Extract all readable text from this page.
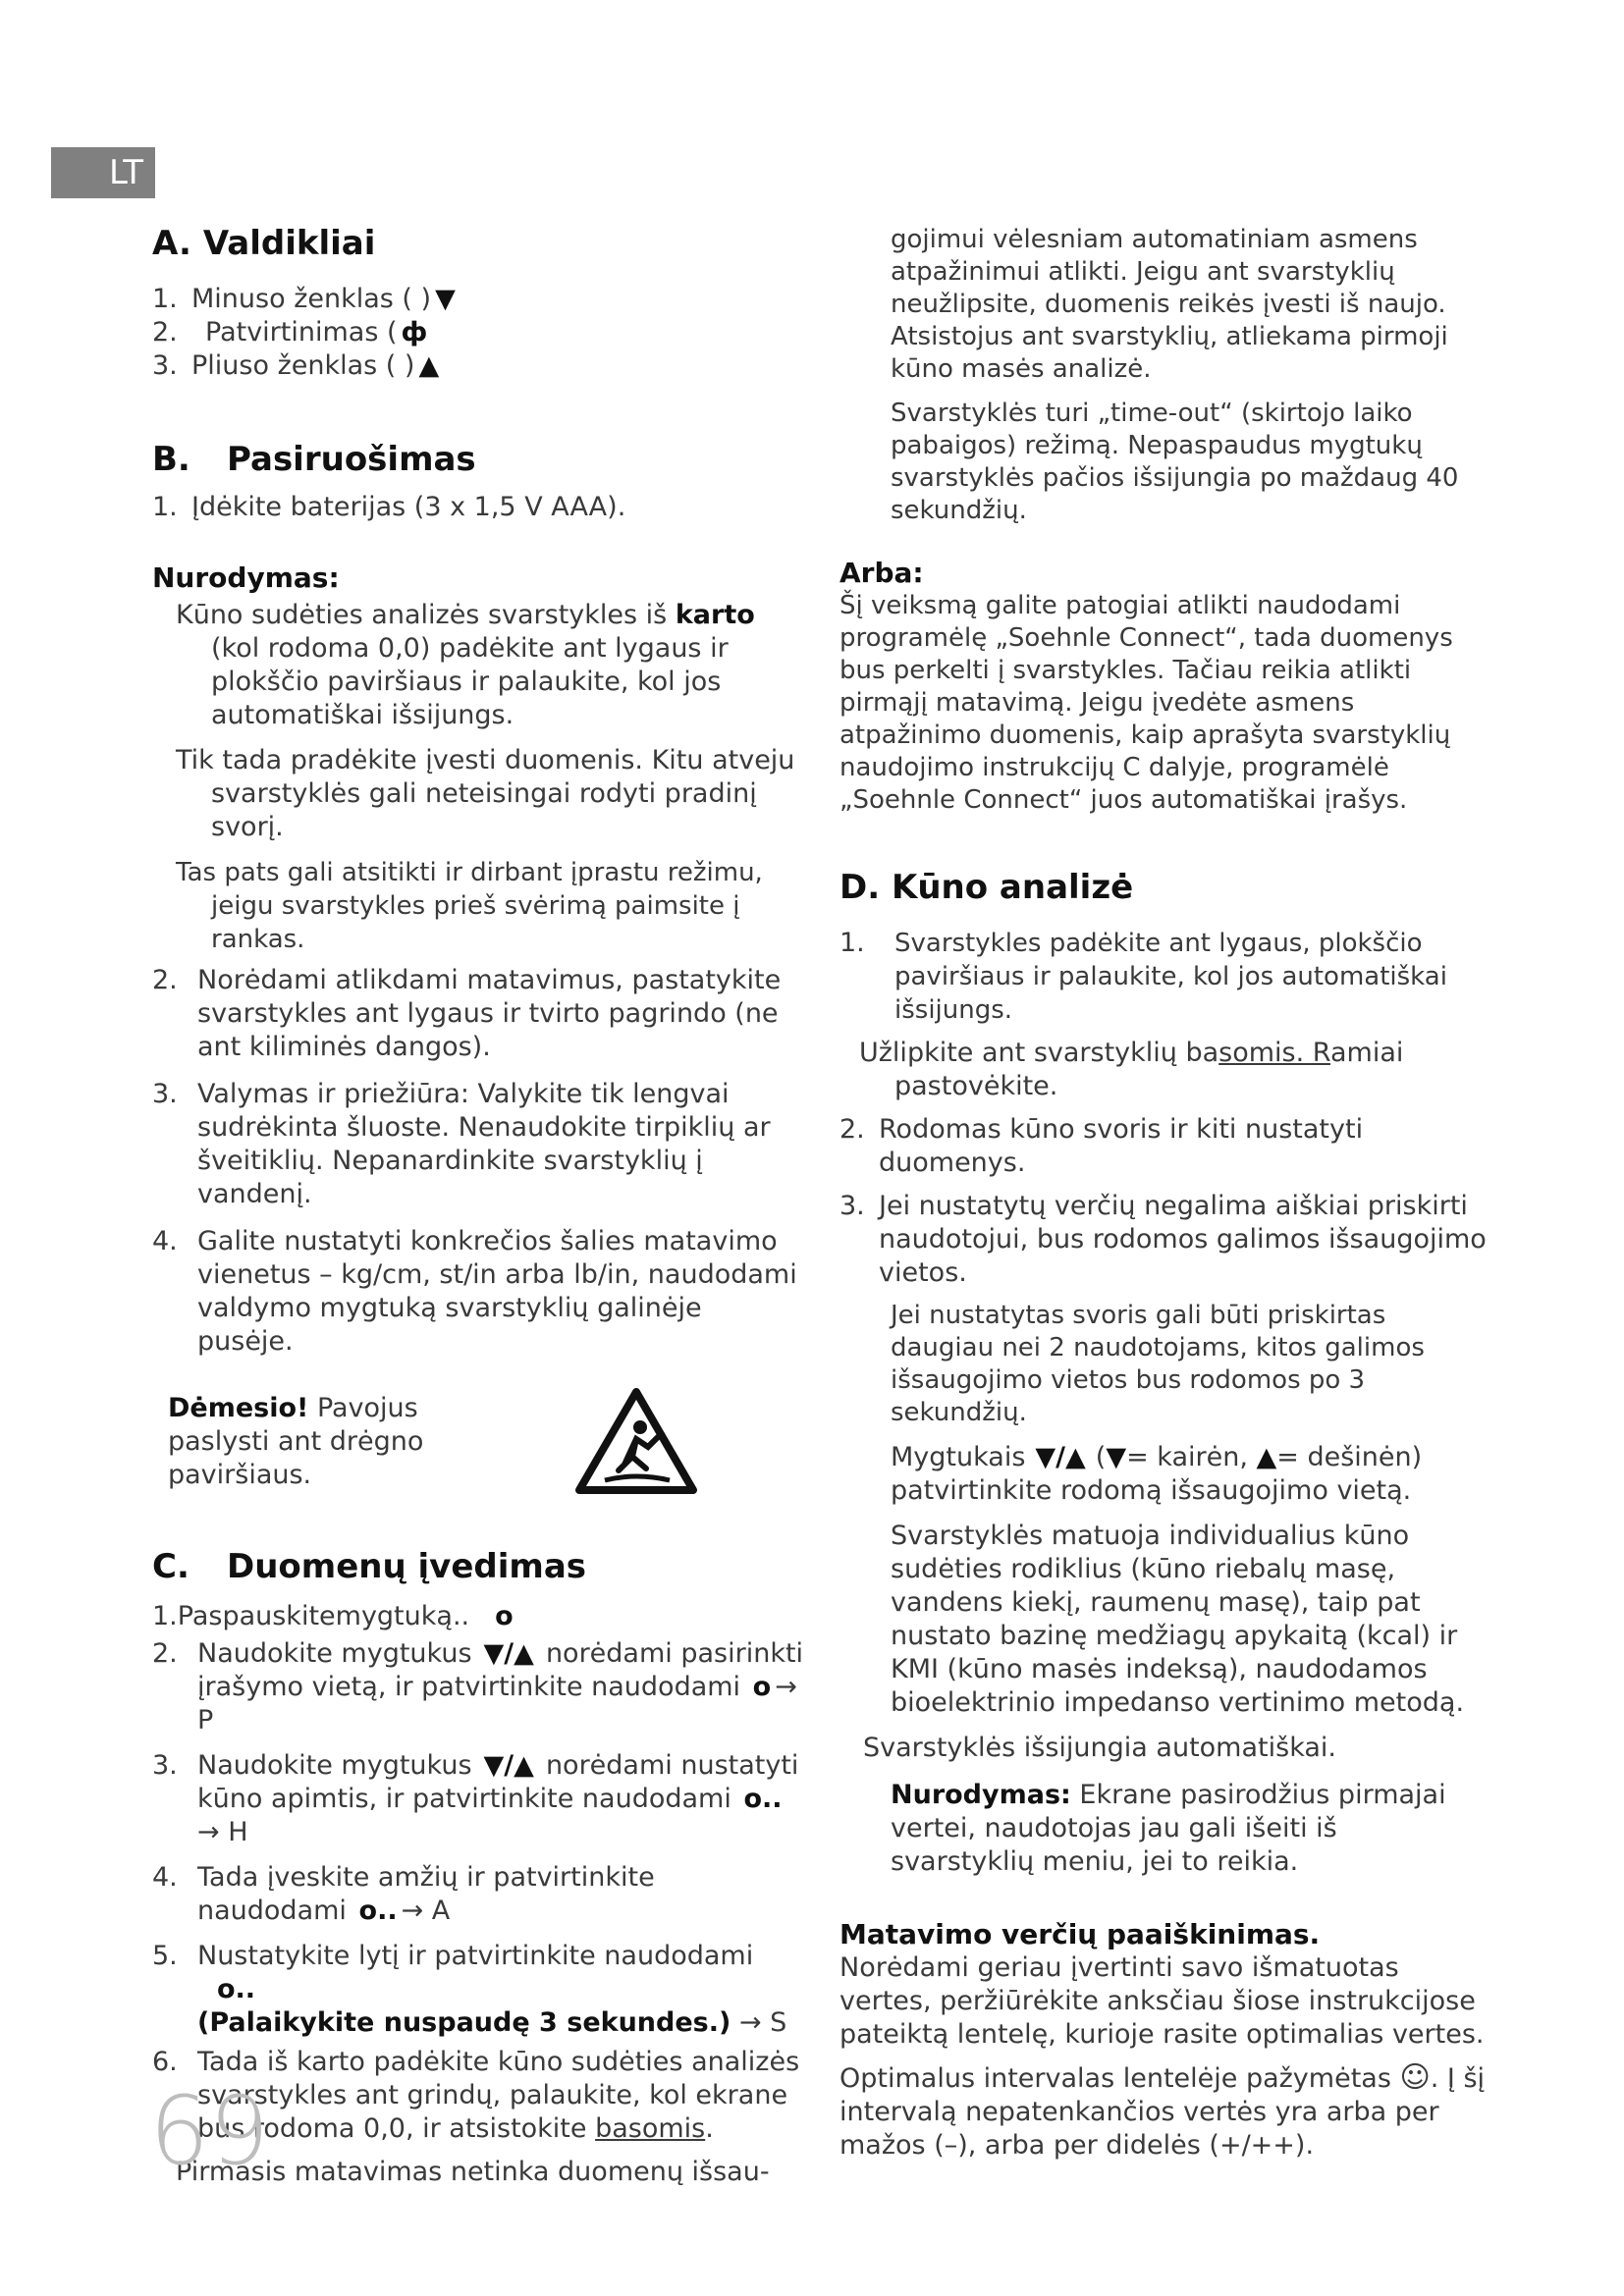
LT
A. Valdikliai
1. Minuso ženklas ( ) ▼
2.	Patvirtinimas ( ф
3. Pliuso ženklas ( ) ▲
B. Pasiruošimas
1. Įdėkite baterijas (3 x 1,5 V AAA).
Nurodymas:

Kūno sudėties analizės svarstykles iš karto (kol rodoma 0,0) padėkite ant lygaus ir plokščio paviršiaus ir palaukite, kol jos automatiškai išsijungs.

Tik tada pradėkite įvesti duomenis. Kitu atveju svarstyklės gali neteisingai rodyti pradinį svorį.

Tas pats gali atsitikti ir dirbant įprastu režimu, jeigu svarstykles prieš svėrimą paimsite į rankas.

2. Norėdami atlikdami matavimus, pastatykite svarstykles ant lygaus ir tvirto pagrindo (ne ant kiliminės dangos).
3. Valymas ir priežiūra: Valykite tik lengvai sudrėkinta šluoste. Nenaudokite tirpiklių ar šveitiklių. Nepanardinkite svarstyklių į vandenį.
4. Galite nustatyti konkrečios šalies matavimo vienetus – kg/cm, st/in arba lb/in, naudodami valdymo mygtuką svarstyklių galinėje pusėje.

Dėmesio! Pavojus paslysti ant drėgno paviršiaus.

C. Duomenų įvedimas

1.Paspauskitemygtuką.. o

2. Naudokite mygtukus ▼/▲ norėdami pasirinkti įrašymo vietą, ir patvirtinkite naudodami o → P
3. Naudokite mygtukus ▼/▲ norėdami nustatyti kūno apimtis, ir patvirtinkite naudodami o..→ H
4. Tada įveskite amžių ir patvirtinkite naudodami o.. → A
5. Nustatykite lytį ir patvirtinkite naudodamio..
(Palaikykite nuspaudę 3 sekundes.) → S
6. Tada iš karto padėkite kūno sudėties analizės svarstykles ant grindų, palaukite, kol ekrane bus rodoma 0,0, ir atsistokite basomis.

Pirmasis matavimas netinka duomenų išsau-

gojimui vėlesniam automatiniam asmens atpažinimui atlikti. Jeigu ant svarstyklių neužlipsite, duomenis reikės įvesti iš naujo. Atsistojus ant svarstyklių, atliekama pirmoji kūno masės analizė.

Svarstyklės turi „time-out“ (skirtojo laiko pabaigos) režimą. Nepaspaudus mygtukų svarstyklės pačios išsijungia po maždaug 40 sekundžių.

Arba:

Šį veiksmą galite patogiai atlikti naudodami programėlę „Soehnle Connect“, tada duomenys bus perkelti į svarstykles. Tačiau reikia atlikti pirmąjį matavimą. Jeigu įvedėte asmens atpažinimo duomenis, kaip aprašyta svarstyklių naudojimo instrukcijų C dalyje, programėlė „Soehnle Connect“ juos automatiškai įrašys.

D. Kūno analizė
1.	Svarstykles padėkite ant lygaus, plokščio paviršiaus ir palaukite, kol jos automatiškai išsijungs.

Užlipkite ant svarstyklių basomis. Ramiai pastovėkite.

2. Rodomas kūno svoris ir kiti nustatyti duomenys.
3. Jei nustatytų verčių negalima aiškiai priskirti naudotojui, bus rodomos galimos išsaugojimo vietos.

Jei nustatytas svoris gali būti priskirtas daugiau nei 2 naudotojams, kitos galimos išsaugojimo vietos bus rodomos po 3 sekundžių.

Mygtukais ▼/▲ (▼= kairėn, ▲= dešinėn) patvirtinkite rodomą išsaugojimo vietą.

Svarstyklės matuoja individualius kūno sudėties rodiklius (kūno riebalų masę, vandens kiekį, raumenų masę), taip pat nustato bazinę medžiagų apykaitą (kcal) ir KMI (kūno masės indeksą), naudodamos bioelektrinio impedanso vertinimo metodą.

Svarstyklės išsijungia automatiškai.

Nurodymas: Ekrane pasirodžius pirmajai vertei, naudotojas jau gali išeiti iš svarstyklių meniu, jei to reikia.

Matavimo verčių paaiškinimas.

Norėdami geriau įvertinti savo išmatuotas vertes, peržiūrėkite anksčiau šiose instrukcijose pateiktą lentelę, kurioje rasite optimalias vertes.

Optimalus intervalas lentelėje pažymėtas ☺. Į šį intervalą nepatenkančios vertės yra arba per mažos (–), arba per didelės (+/++).

69
